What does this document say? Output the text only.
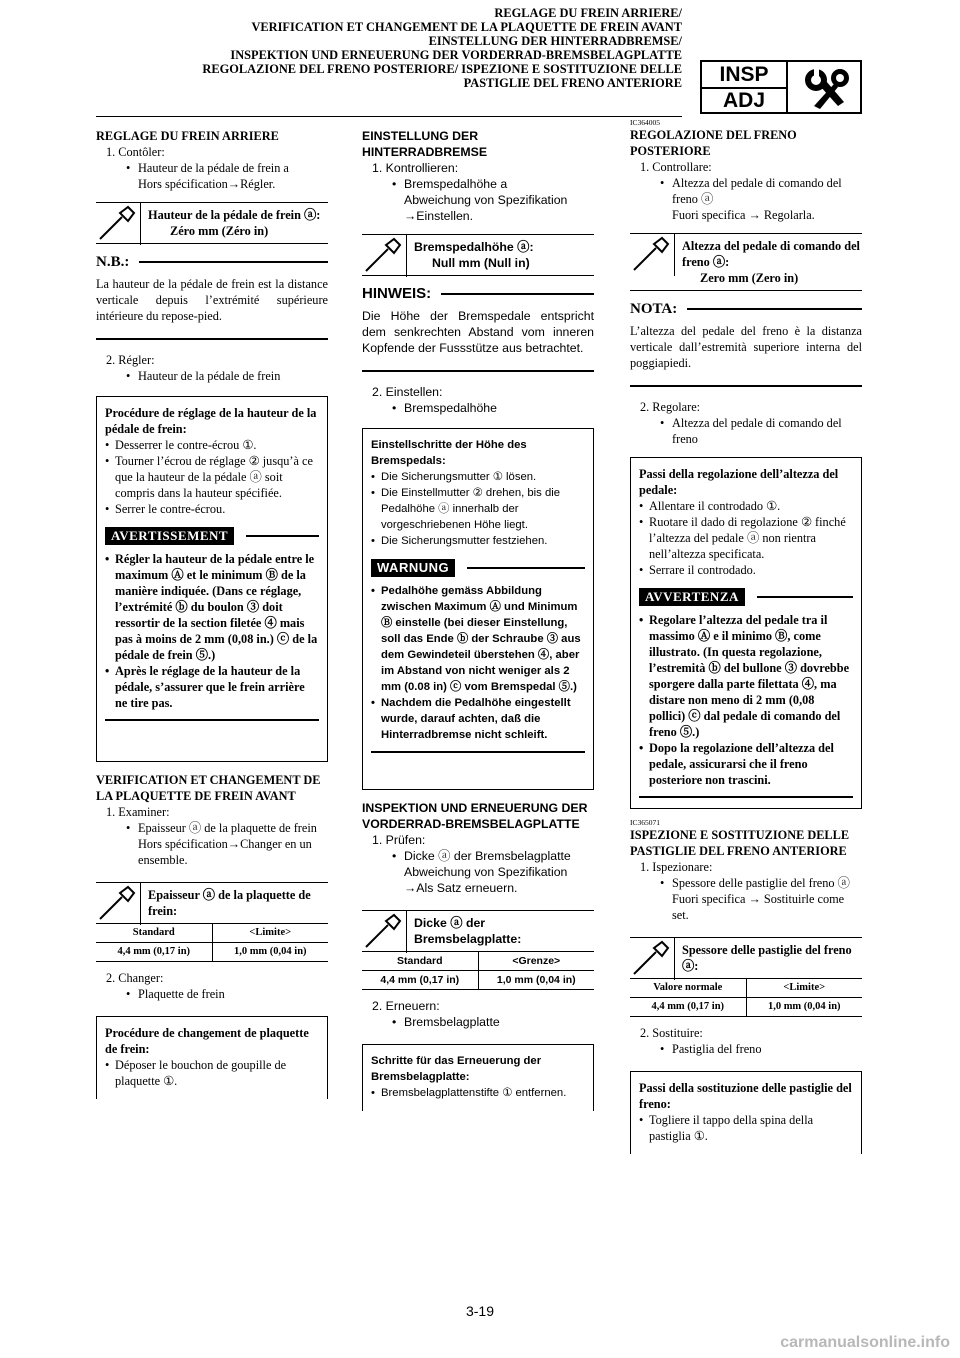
REGLAGE DU FREIN ARRIERE/
VERIFICATION ET CHANGEMENT DE LA PLAQUETTE DE FREIN AVANT
EINSTELLUNG DER HINTERRADBREMSE/
INSPEKTION UND ERNEUERUNG DER VORDERRAD-BREMSBELAGPLATTE
REGOLAZIONE DEL FRENO POSTERIORE/ ISPEZIONE E SOSTITUZIONE DELLE
PASTIGLIE DEL FRENO ANTERIORE	INSP
ADJ
REGLAGE DU FREIN ARRIERE
1. Contôler:
• Hauteur de la pédale de frein a
Hors spécification→Régler.
Hauteur de la pédale de frein ⓐ:
Zéro mm (Zéro in)
N.B.:
La hauteur de la pédale de frein est la distance verticale depuis l’extrémité supérieure intérieure du repose-pied.
2. Régler:
• Hauteur de la pédale de frein
Procédure de réglage de la hauteur de la pédale de frein:
• Desserrer le contre-écrou ①.
• Tourner l’écrou de réglage ② jusqu’à ce que la hauteur de la pédale ⓐ soit compris dans la hauteur spécifiée.
• Serrer le contre-écrou.
AVERTISSEMENT
• Régler la hauteur de la pédale entre le maximum Ⓐ et le minimum Ⓑ de la manière indiquée. (Dans ce réglage, l’extrémité ⓑ du boulon ③ doit ressortir de la section filetée ④ mais pas à moins de 2 mm (0,08 in.) ⓒ de la pédale de frein ⑤.)
• Après le réglage de la hauteur de la pédale, s’assurer que le frein arrière ne tire pas.
VERIFICATION ET CHANGEMENT DE LA PLAQUETTE DE FREIN AVANT
1. Examiner:
• Epaisseur ⓐ de la plaquette de frein
Hors spécification→Changer en un ensemble.
Epaisseur ⓐ de la plaquette de frein:
Standard	<Limite>
4,4 mm (0,17 in)	1,0 mm (0,04 in)
2. Changer:
• Plaquette de frein
Procédure de changement de plaquette de frein:
• Déposer le bouchon de goupille de plaquette ①.
EINSTELLUNG DER HINTERRADBREMSE
1. Kontrollieren:
• Bremspedalhöhe a
Abweichung von Spezifikation →Einstellen.
Bremspedalhöhe ⓐ:
Null mm (Null in)
HINWEIS:
Die Höhe der Bremspedale entspricht dem senkrechten Abstand vom inneren Kopfende der Fussstütze aus betrachtet.
2. Einstellen:
• Bremspedalhöhe
Einstellschritte der Höhe des Bremspedals:
• Die Sicherungsmutter ① lösen.
• Die Einstellmutter ② drehen, bis die Pedalhöhe ⓐ innerhalb der vorgeschriebenen Höhe liegt.
• Die Sicherungsmutter festziehen.
WARNUNG
• Pedalhöhe gemäss Abbildung zwischen Maximum Ⓐ und Minimum Ⓑ einstelle (bei dieser Einstellung, soll das Ende ⓑ der Schraube ③ aus dem Gewindeteil überstehen ④, aber im Abstand von nicht weniger als 2 mm (0.08 in) ⓒ vom Bremspedal ⑤.)
• Nachdem die Pedalhöhe eingestellt wurde, darauf achten, daß die Hinterradbremse nicht schleift.
INSPEKTION UND ERNEUERUNG DER VORDERRAD-BREMSBELAGPLATTE
1. Prüfen:
• Dicke ⓐ der Bremsbelagplatte
Abweichung von Spezifikation →Als Satz erneuern.
Dicke ⓐ der Bremsbelagplatte:
Standard	<Grenze>
4,4 mm (0,17 in)	1,0 mm (0,04 in)
2. Erneuern:
• Bremsbelagplatte
Schritte für das Erneuerung der Bremsbelagplatte:
• Bremsbelagplattenstifte ① entfernen.
IC364005
REGOLAZIONE DEL FRENO POSTERIORE
1. Controllare:
• Altezza del pedale di comando del freno ⓐ
Fuori specifica → Regolarla.
Altezza del pedale di comando del freno ⓐ:
Zero mm (Zero in)
NOTA:
L’altezza del pedale del freno è la distanza verticale dall’estremità superiore interna del poggiapiedi.
2. Regolare:
• Altezza del pedale di comando del freno
Passi della regolazione dell’altezza del pedale:
• Allentare il controdado ①.
• Ruotare il dado di regolazione ② finché l’altezza del pedale ⓐ non rientra nell’altezza specificata.
• Serrare il controdado.
AVVERTENZA
• Regolare l’altezza del pedale tra il massimo Ⓐ e il minimo Ⓑ, come illustrato. (In questa regolazione, l’estremità ⓑ del bullone ③ dovrebbe sporgere dalla parte filettata ④, ma distare non meno di 2 mm (0,08 pollici) ⓒ dal pedale di comando del freno ⑤.)
• Dopo la regolazione dell’altezza del pedale, assicurarsi che il freno posteriore non trascini.
IC365071
ISPEZIONE E SOSTITUZIONE DELLE PASTIGLIE DEL FRENO ANTERIORE
1. Ispezionare:
• Spessore delle pastiglie del freno ⓐ
Fuori specifica → Sostituirle come set.
Spessore delle pastiglie del freno ⓐ:
Valore normale	<Limite>
4,4 mm (0,17 in)	1,0 mm (0,04 in)
2. Sostituire:
• Pastiglia del freno
Passi della sostituzione delle pastiglie del freno:
• Togliere il tappo della spina della pastiglia ①.
3-19
carmanualsonline.info
